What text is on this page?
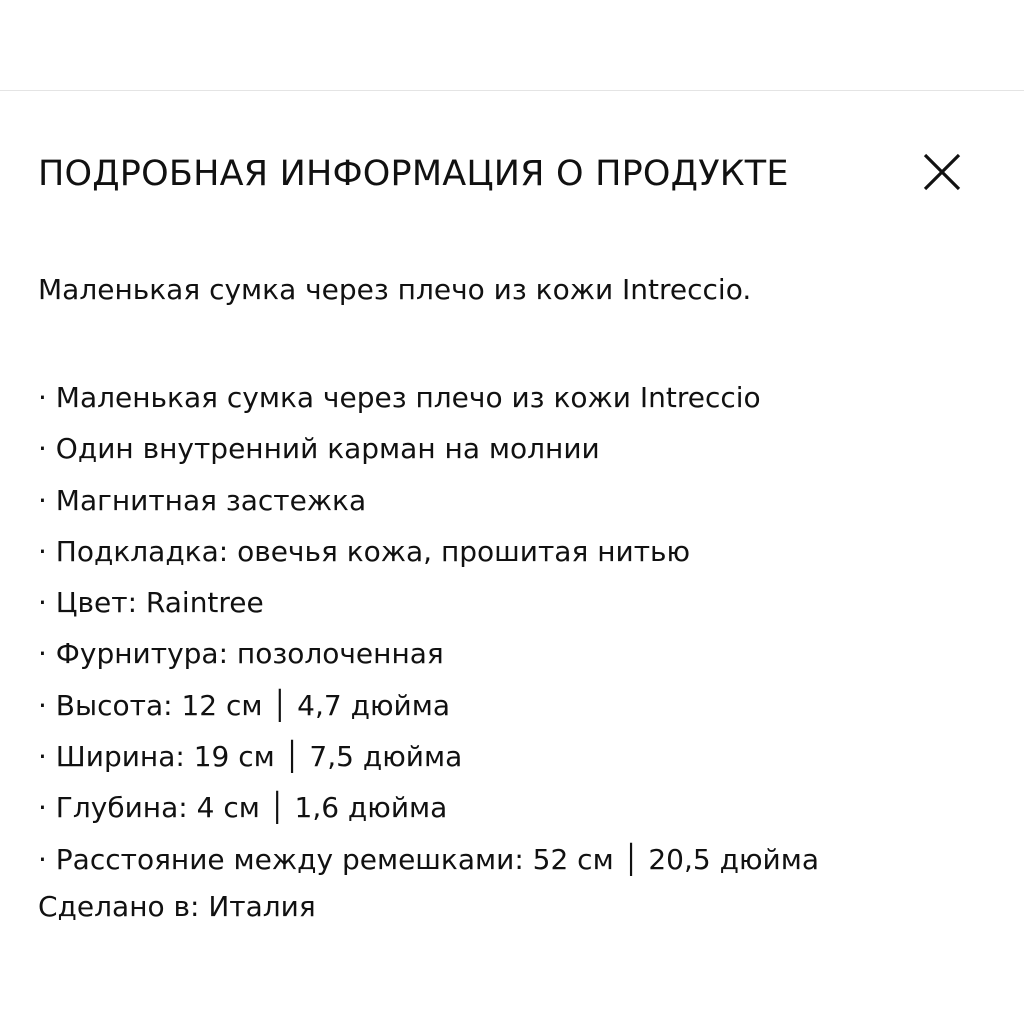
ПОДРОБНАЯ ИНФОРМАЦИЯ О ПРОДУКТЕ
Маленькая сумка через плечо из кожи Intreccio.
· Маленькая сумка через плечо из кожи Intreccio
· Один внутренний карман на молнии
· Магнитная застежка
· Подкладка: овечья кожа, прошитая нитью
· Цвет: Raintree
· Фурнитура: позолоченная
· Высота: 12 см │ 4,7 дюйма
· Ширина: 19 см │ 7,5 дюйма
· Глубина: 4 см │ 1,6 дюйма
· Расстояние между ремешками: 52 см │ 20,5 дюйма
Сделано в: Италия
